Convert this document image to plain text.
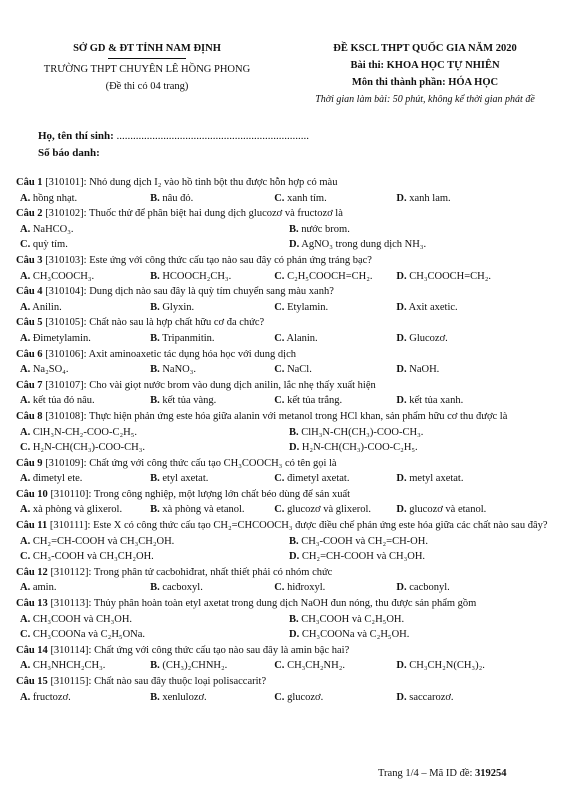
SỞ GD & ĐT TỈNH NAM ĐỊNH
TRƯỜNG THPT CHUYÊN LÊ HỒNG PHONG
(Đề thi có 04 trang)
ĐỀ KSCL THPT QUỐC GIA NĂM 2020
Bài thi: KHOA HỌC TỰ NHIÊN
Môn thi thành phần: HÓA HỌC
Thời gian làm bài: 50 phút, không kể thời gian phát đề
Họ, tên thí sinh: ......................................................................
Số báo danh:
Câu 1 [310101]: Nhỏ dung dịch I₂ vào hồ tinh bột thu được hỗn hợp có màu
A. hồng nhạt.	B. nâu đỏ.	C. xanh tím.	D. xanh lam.
Câu 2 [310102]: Thuốc thử để phân biệt hai dung dịch glucozơ và fructozơ là
A. NaHCO₃.	B. nước brom.
C. quỳ tím.	D. AgNO₃ trong dung dịch NH₃.
Câu 3 [310103]: Este ứng với công thức cấu tạo nào sau đây có phản ứng tráng bạc?
A. CH₃COOCH₃.	B. HCOOCH₂CH₃.	C. C₂H₅COOCH=CH₂.	D. CH₃COOCH=CH₂.
Câu 4 [310104]: Dung dịch nào sau đây là quỳ tím chuyển sang màu xanh?
A. Anilin.	B. Glyxin.	C. Etylamin.	D. Axit axetic.
Câu 5 [310105]: Chất nào sau là hợp chất hữu cơ đa chức?
A. Đimetylamin.	B. Tripanmitin.	C. Alanin.	D. Glucozơ.
Câu 6 [310106]: Axit aminoaxetic tác dụng hóa học với dung dịch
A. Na₂SO₄.	B. NaNO₃.	C. NaCl.	D. NaOH.
Câu 7 [310107]: Cho vài giọt nước brom vào dung dịch anilin, lắc nhẹ thấy xuất hiện
A. kết tủa đỏ nâu.	B. kết tủa vàng.	C. kết tủa trắng.	D. kết tủa xanh.
Câu 8 [310108]: Thực hiện phản ứng este hóa giữa alanin với metanol trong HCl khan, sản phẩm hữu cơ thu được là
A. ClH₃N-CH₂-COO-C₂H₅.	B. ClH₃N-CH(CH₃)-COO-CH₃.
C. H₂N-CH(CH₃)-COO-CH₃.	D. H₂N-CH(CH₃)-COO-C₂H₅.
Câu 9 [310109]: Chất ứng với công thức cấu tạo CH₃COOCH₃ có tên gọi là
A. đimetyl ete.	B. etyl axetat.	C. đimetyl axetat.	D. metyl axetat.
Câu 10 [310110]: Trong công nghiệp, một lượng lớn chất béo dùng để sản xuất
A. xà phòng và glixerol.	B. xà phòng và etanol.	C. glucozơ và glixerol.	D. glucozơ và etanol.
Câu 11 [310111]: Este X có công thức cấu tạo CH₂=CHCOOCH₃ được điều chế phản ứng este hóa giữa các chất nào sau đây?
A. CH₂=CH-COOH và CH₃CH₂OH.	B. CH₃-COOH và CH₂=CH-OH.
C. CH₃-COOH và CH₃CH₂OH.	D. CH₂=CH-COOH và CH₃OH.
Câu 12 [310112]: Trong phân tử cacbohiđrat, nhất thiết phải có nhóm chức
A. amin.	B. cacboxyl.	C. hiđroxyl.	D. cacbonyl.
Câu 13 [310113]: Thủy phân hoàn toàn etyl axetat trong dung dịch NaOH đun nóng, thu được sản phẩm gồm
A. CH₃COOH và CH₃OH.	B. CH₃COOH và C₂H₅OH.
C. CH₃COONa và C₂H₅ONa.	D. CH₃COONa và C₂H₅OH.
Câu 14 [310114]: Chất ứng với công thức cấu tạo nào sau đây là amin bậc hai?
A. CH₃NHCH₂CH₃.	B. (CH₃)₂CHNH₂.	C. CH₃CH₂NH₂.	D. CH₃CH₂N(CH₃)₂.
Câu 15 [310115]: Chất nào sau đây thuộc loại polisaccarit?
A. fructozơ.	B. xenlulozơ.	C. glucozơ.	D. saccarozơ.
Trang 1/4 – Mã ID đề: 319254
